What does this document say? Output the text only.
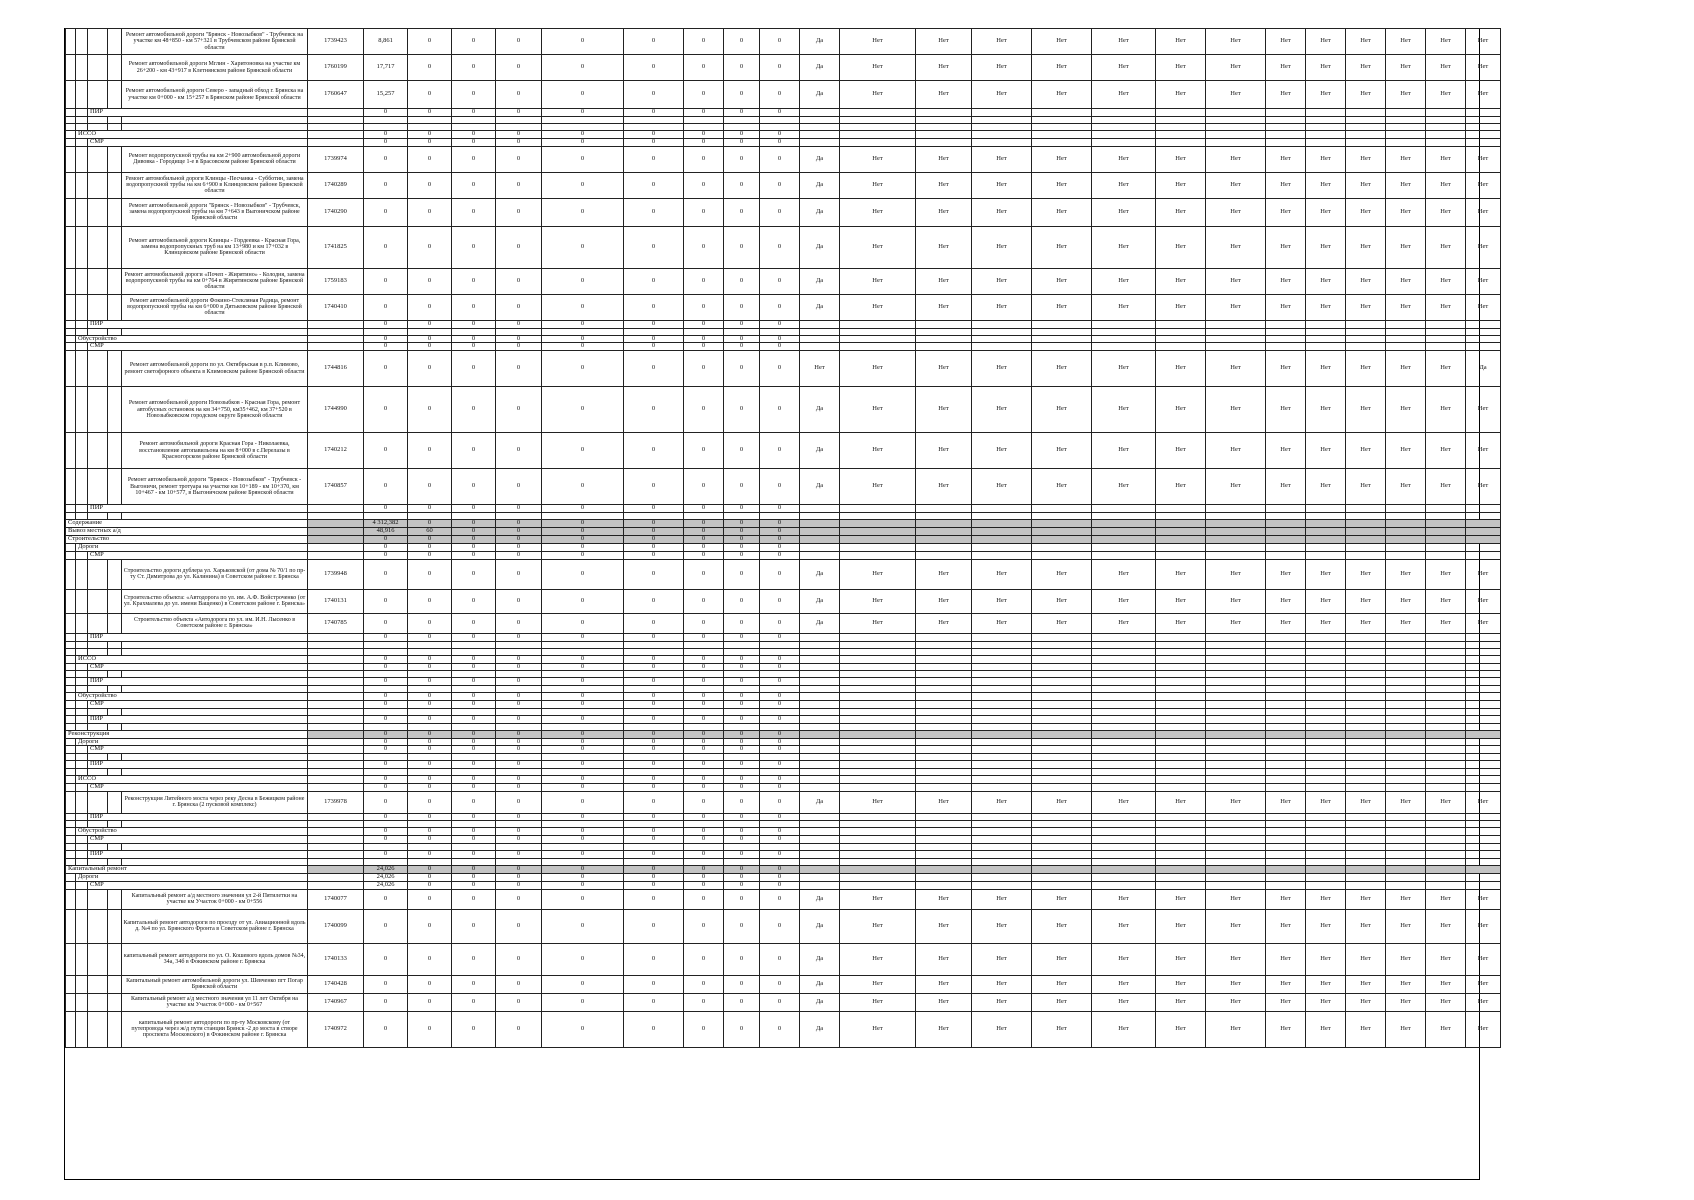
				Ремонт автомобильной дороги "Брянск - Новозыбков" - Трубчевск на участке км 48+850 - км 57+321 в Трубчевском районе Брянской области	1739423	8,861	0	0	0	0	0	0	0	0	Да	Нет	Нет	Нет	Нет	Нет	Нет	Нет	Нет	Нет	Нет	Нет	Нет	Нет
				Ремонт автомобильной дороги Мглин - Харитоновка на участке км 26+200 - км 43+917 в Клетнянском районе Брянской области	1760199	17,717	0	0	0	0	0	0	0	0	Да	Нет	Нет	Нет	Нет	Нет	Нет	Нет	Нет	Нет	Нет	Нет	Нет	Нет
				Ремонт автомобильной дороги Северо - западный обход г. Брянска на участке км 0+000 - км 15+257 в Брянском районе Брянской области	1760647	15,257	0	0	0	0	0	0	0	0	Да	Нет	Нет	Нет	Нет	Нет	Нет	Нет	Нет	Нет	Нет	Нет	Нет	Нет
		ПИР				0	0	0	0	0	0	0	0	0														

	ИССО					0	0	0	0	0	0	0	0	0														
		СМР				0	0	0	0	0	0	0	0	0														
				Ремонт водопропускной трубы на км 2+900 автомобильной дороги Дивовка - Городище 1-е в Брасовском районе Брянской области	1739974	0	0	0	0	0	0	0	0	0	Да	Нет	Нет	Нет	Нет	Нет	Нет	Нет	Нет	Нет	Нет	Нет	Нет	Нет
				Ремонт автомобильной дороги Клинцы -Песчанка - Субботин, замена водопропускной трубы на км 6+900 в Клинцовском районе Брянской области	1740289	0	0	0	0	0	0	0	0	0	Да	Нет	Нет	Нет	Нет	Нет	Нет	Нет	Нет	Нет	Нет	Нет	Нет	Нет
				Ремонт автомобильной дороги "Брянск - Новозыбков" - Трубчевск, замена водопропускной трубы на км 7+643 в Выгоничском районе Брянской области	1740290	0	0	0	0	0	0	0	0	0	Да	Нет	Нет	Нет	Нет	Нет	Нет	Нет	Нет	Нет	Нет	Нет	Нет	Нет
				Ремонт автомобильной дороги Клинцы - Гордеевка - Красная Гора, замена водопропускных труб на км 13+980 и км 17+032 в Клинцовском районе Брянской области	1741825	0	0	0	0	0	0	0	0	0	Да	Нет	Нет	Нет	Нет	Нет	Нет	Нет	Нет	Нет	Нет	Нет	Нет	Нет
				Ремонт автомобильной дороги «Почеп - Жирятино» - Колодня, замена водопропускной трубы на км 0+764 в Жирятинском районе Брянской области	1759183	0	0	0	0	0	0	0	0	0	Да	Нет	Нет	Нет	Нет	Нет	Нет	Нет	Нет	Нет	Нет	Нет	Нет	Нет
				Ремонт автомобильной дороги Фокино-Стекляная Радица, ремонт водопропускной трубы на км 6+000 в Дятьковском районе Брянской области	1740410	0	0	0	0	0	0	0	0	0	Да	Нет	Нет	Нет	Нет	Нет	Нет	Нет	Нет	Нет	Нет	Нет	Нет	Нет
		ПИР				0	0	0	0	0	0	0	0	0														

	Обустройство					0	0	0	0	0	0	0	0	0														
		СМР				0	0	0	0	0	0	0	0	0														
				Ремонт автомобильной дороги по ул. Октябрьская в р.п. Климово, ремонт светофорного объекта в Климовском районе Брянской области	1744816	0	0	0	0	0	0	0	0	0	Нет	Нет	Нет	Нет	Нет	Нет	Нет	Нет	Нет	Нет	Нет	Нет	Нет	Да
				Ремонт автомобильной дороги Новозыбков - Красная Гора, ремонт автобусных остановок на км 34+750, км35+462, км 37+520 в Новозыбковском городском округе Брянской области	1744990	0	0	0	0	0	0	0	0	0	Да	Нет	Нет	Нет	Нет	Нет	Нет	Нет	Нет	Нет	Нет	Нет	Нет	Нет
				Ремонт автомобильной дороги Красная Гора - Николаевка, восстановление автопавильона на км 8+000 в с.Перелазы в Красногорском районе Брянской области	1740212	0	0	0	0	0	0	0	0	0	Да	Нет	Нет	Нет	Нет	Нет	Нет	Нет	Нет	Нет	Нет	Нет	Нет	Нет
				Ремонт автомобильной дороги "Брянск - Новозыбков" - Трубчевск - Выгоничи, ремонт тротуара на участке км 10+189 - км 10+370, км 10+467 - км 10+577, в Выгоничском районе Брянской области	1740857	0	0	0	0	0	0	0	0	0	Да	Нет	Нет	Нет	Нет	Нет	Нет	Нет	Нет	Нет	Нет	Нет	Нет	Нет
		ПИР				0	0	0	0	0	0	0	0	0														

Содержание						4 312,382	0	0	0	0	0	0	0	0														
Вывоз местных а/д						48,916	60	0	0	0	0	0	0	0														
Строительство						0	0	0	0	0	0	0	0	0														
	Дороги					0	0	0	0	0	0	0	0	0														
		СМР				0	0	0	0	0	0	0	0	0														
				Строительство дороги дублера ул. Харьковской (от дома № 70/1 по пр-ту Ст. Димитрова до ул. Калинина) в Советском районе г. Брянска	1739948	0	0	0	0	0	0	0	0	0	Да	Нет	Нет	Нет	Нет	Нет	Нет	Нет	Нет	Нет	Нет	Нет	Нет	Нет
				Строительство объекта: «Автодорога по ул. им. А.Ф. Войстроченко (от ул. Крахмалева до ул. имени Ващенко) в Советском районе г. Брянска»	1740131	0	0	0	0	0	0	0	0	0	Да	Нет	Нет	Нет	Нет	Нет	Нет	Нет	Нет	Нет	Нет	Нет	Нет	Нет
				Строительство объекта «Автодорога по ул. им. И.Н. Лысенко в Советском районе г. Брянска»	1740785	0	0	0	0	0	0	0	0	0	Да	Нет	Нет	Нет	Нет	Нет	Нет	Нет	Нет	Нет	Нет	Нет	Нет	Нет
		ПИР				0	0	0	0	0	0	0	0	0														

	ИССО					0	0	0	0	0	0	0	0	0														
		СМР				0	0	0	0	0	0	0	0	0														

		ПИР				0	0	0	0	0	0	0	0	0														

	Обустройство					0	0	0	0	0	0	0	0	0														
		СМР				0	0	0	0	0	0	0	0	0														

		ПИР				0	0	0	0	0	0	0	0	0														

Реконструкция						0	0	0	0	0	0	0	0	0														
	Дороги					0	0	0	0	0	0	0	0	0														
		СМР				0	0	0	0	0	0	0	0	0														

		ПИР				0	0	0	0	0	0	0	0	0														

	ИССО					0	0	0	0	0	0	0	0	0														
		СМР				0	0	0	0	0	0	0	0	0														
				Реконструкция Литейного моста через реку Десна в Бежицком районе г. Брянска (2 пусковой комплекс)	1739978	0	0	0	0	0	0	0	0	0	Да	Нет	Нет	Нет	Нет	Нет	Нет	Нет	Нет	Нет	Нет	Нет	Нет	Нет
		ПИР				0	0	0	0	0	0	0	0	0														

	Обустройство					0	0	0	0	0	0	0	0	0														
		СМР				0	0	0	0	0	0	0	0	0														

		ПИР				0	0	0	0	0	0	0	0	0														

Капитальный ремонт						24,026	0	0	0	0	0	0	0	0														
	Дороги					24,026	0	0	0	0	0	0	0	0														
		СМР				24,026	0	0	0	0	0	0	0	0														
				Капитальный ремонт а/д местного значения ул 2-й Пятилетки на участке км Участок 0+000 - км 0+556	1740077	0	0	0	0	0	0	0	0	0	Да	Нет	Нет	Нет	Нет	Нет	Нет	Нет	Нет	Нет	Нет	Нет	Нет	Нет
				Капитальный ремонт автодороги по проезду от ул. Авиационной вдоль д. №4 по ул. Брянского Фронта в Советском районе г. Брянска	1740099	0	0	0	0	0	0	0	0	0	Да	Нет	Нет	Нет	Нет	Нет	Нет	Нет	Нет	Нет	Нет	Нет	Нет	Нет
				капитальный ремонт автодороги по ул. О. Кошевого вдоль домов №34, 34а, 34б в Фокинском районе г. Брянска	1740133	0	0	0	0	0	0	0	0	0	Да	Нет	Нет	Нет	Нет	Нет	Нет	Нет	Нет	Нет	Нет	Нет	Нет	Нет
				Капитальный ремонт автомобильной дороги ул. Шевченко пгт Погар Брянской области	1740428	0	0	0	0	0	0	0	0	0	Да	Нет	Нет	Нет	Нет	Нет	Нет	Нет	Нет	Нет	Нет	Нет	Нет	Нет
				Капитальный ремонт а/д местного значения ул 11 лет Октября на участке км Участок 0+000 - км 0+567	1740967	0	0	0	0	0	0	0	0	0	Да	Нет	Нет	Нет	Нет	Нет	Нет	Нет	Нет	Нет	Нет	Нет	Нет	Нет
				капитальный ремонт автодороги по пр-ту Московскому (от путепровода через ж/д пути станции Брянск -2 до моста в створе проспекта Московского) в Фокинском районе г. Брянска	1740972	0	0	0	0	0	0	0	0	0	Да	Нет	Нет	Нет	Нет	Нет	Нет	Нет	Нет	Нет	Нет	Нет	Нет	Нет
